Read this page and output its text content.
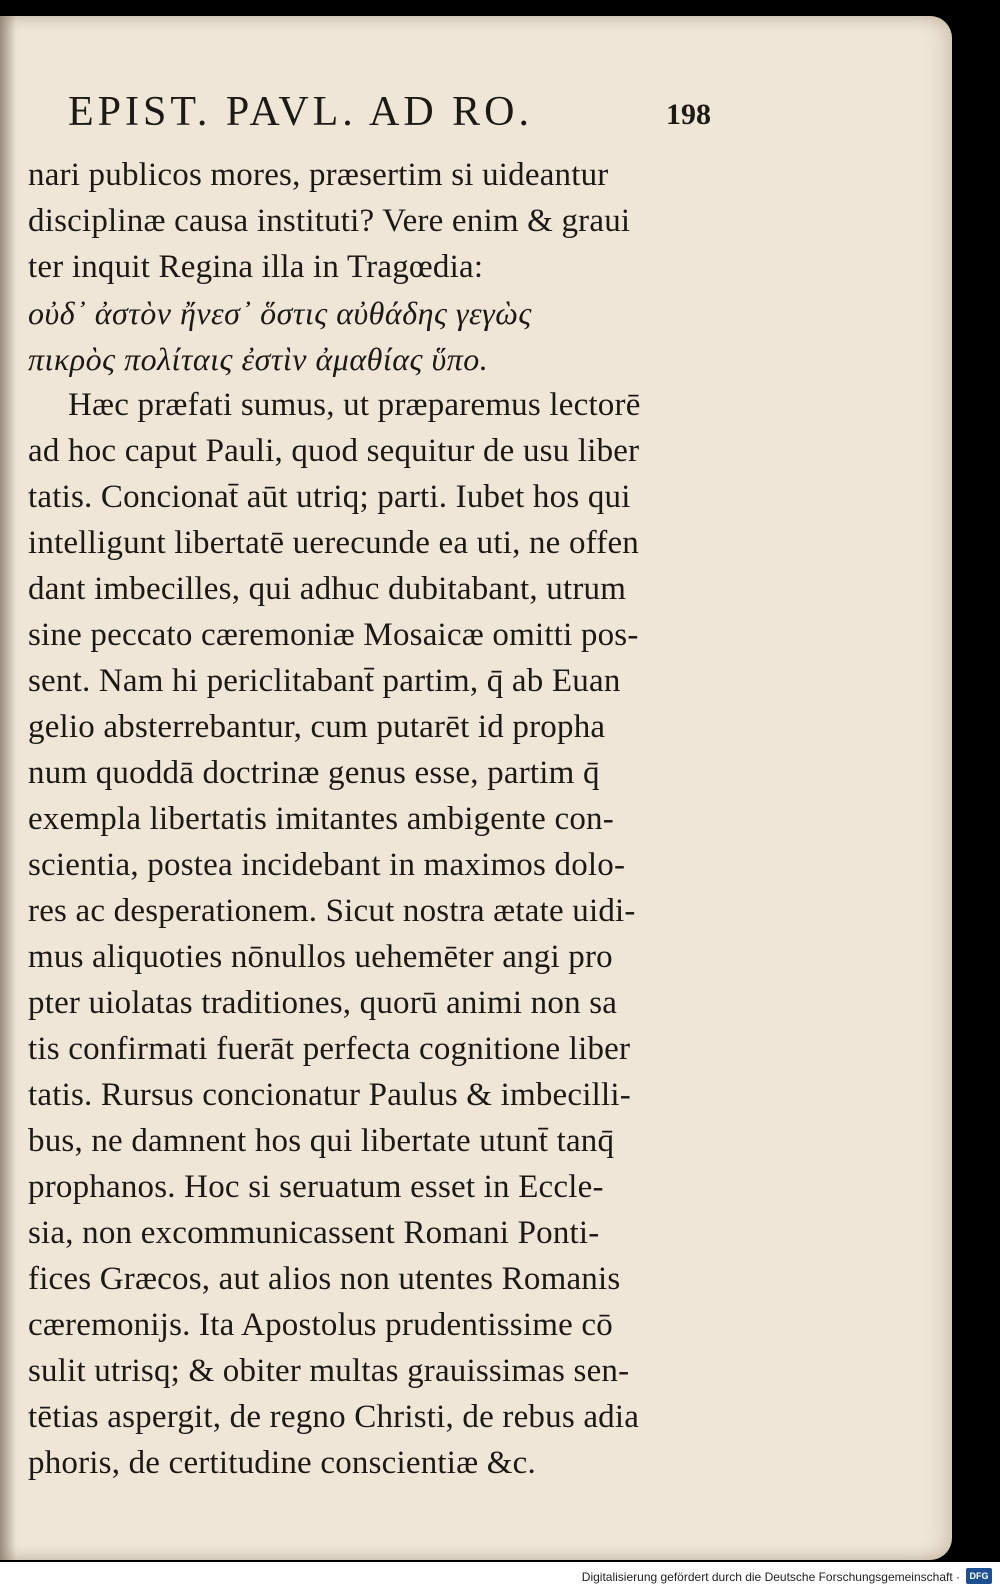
EPIST. PAVL. AD RO.	198
nari publicos mores, præsertim si uideantur
disciplinæ causa instituti? Vere enim & graui
ter inquit Regina illa in Tragœdia:
οὐδ᾽ ἀστὸν ἤνεσ᾽ ὅστις αὐθάδης γεγὼς
πικρὸς πολίταις ἐστὶν ἀμαθίας ὕπο.
Hæc præfati sumus, ut præparemus lectorē
ad hoc caput Pauli, quod sequitur de usu liber
tatis. Concionat̄ aūt utriq; parti. Iubet hos qui
intelligunt libertatē uerecunde ea uti, ne offen
dant imbecilles, qui adhuc dubitabant, utrum
sine peccato cæremoniæ Mosaicæ omitti pos-
sent. Nam hi periclitabant̄ partim, q̄ ab Euan
gelio absterrebantur, cum putarēt id propha
num quoddā doctrinæ genus esse, partim q̄
exempla libertatis imitantes ambigente con-
scientia, postea incidebant in maximos dolo-
res ac desperationem. Sicut nostra ætate uidi-
mus aliquoties nōnullos uehemēter angi pro
pter uiolatas traditiones, quorū animi non sa
tis confirmati fuerāt perfecta cognitione liber
tatis. Rursus concionatur Paulus & imbecilli-
bus, ne damnent hos qui libertate utunt̄ tanq̄
prophanos. Hoc si seruatum esset in Eccle-
sia, non excommunicassent Romani Ponti-
fices Græcos, aut alios non utentes Romanis
cæremonijs. Ita Apostolus prudentissime cō
sulit utrisq; & obiter multas grauissimas sen-
tētias aspergit, de regno Christi, de rebus adia
phoris, de certitudine conscientiæ &c.
Digitalisierung gefördert durch die Deutsche Forschungsgemeinschaft ·	DFG
